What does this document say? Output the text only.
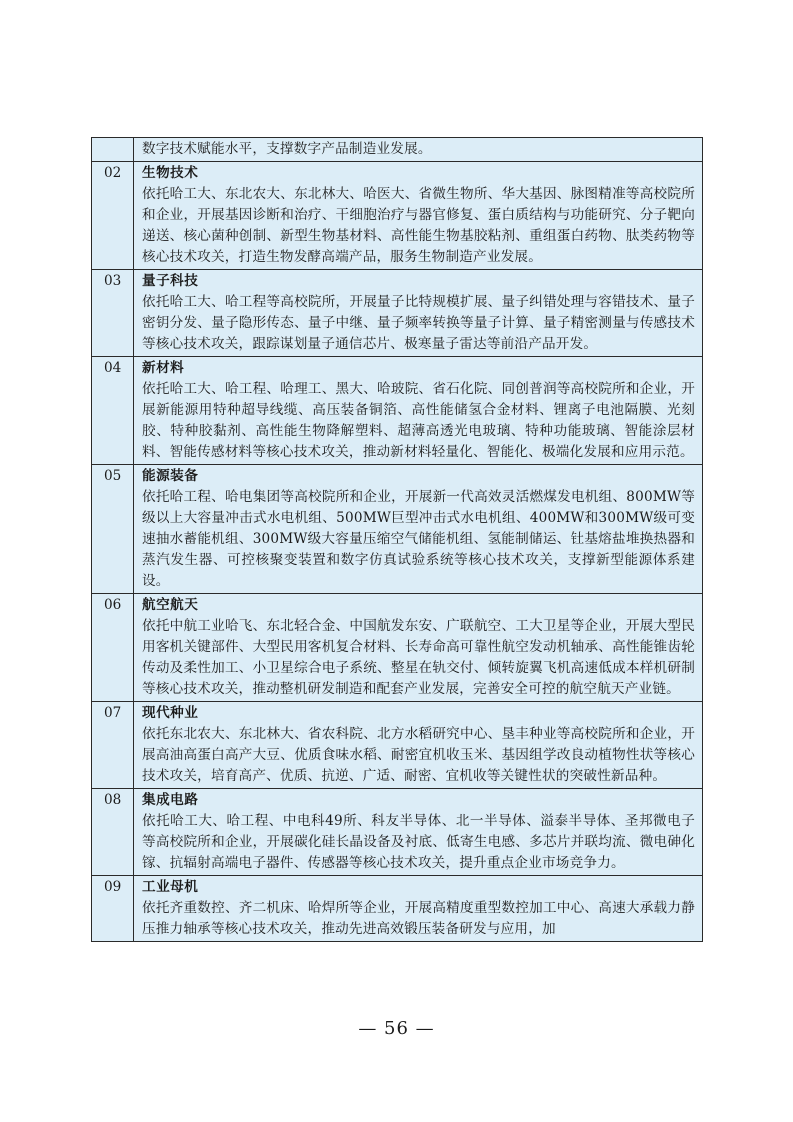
	数字技术赋能水平，支撑数字产品制造业发展。
02	生物技术
依托哈工大、东北农大、东北林大、哈医大、省微生物所、华大基因、脉图精准等高校院所和企业，开展基因诊断和治疗、干细胞治疗与器官修复、蛋白质结构与功能研究、分子靶向递送、核心菌种创制、新型生物基材料、高性能生物基胶粘剂、重组蛋白药物、肽类药物等核心技术攻关，打造生物发酵高端产品，服务生物制造产业发展。

03	量子科技
依托哈工大、哈工程等高校院所，开展量子比特规模扩展、量子纠错处理与容错技术、量子密钥分发、量子隐形传态、量子中继、量子频率转换等量子计算、量子精密测量与传感技术等核心技术攻关，跟踪谋划量子通信芯片、极寒量子雷达等前沿产品开发。

04	新材料
依托哈工大、哈工程、哈理工、黑大、哈玻院、省石化院、同创普润等高校院所和企业，开展新能源用特种超导线缆、高压装备铜箔、高性能储氢合金材料、锂离子电池隔膜、光刻胶、特种胶黏剂、高性能生物降解塑料、超薄高透光电玻璃、特种功能玻璃、智能涂层材料、智能传感材料等核心技术攻关，推动新材料轻量化、智能化、极端化发展和应用示范。

05	能源装备
依托哈工程、哈电集团等高校院所和企业，开展新一代高效灵活燃煤发电机组、800MW等级以上大容量冲击式水电机组、500MW巨型冲击式水电机组、400MW和300MW级可变速抽水蓄能机组、300MW级大容量压缩空气储能机组、氢能制储运、钍基熔盐堆换热器和蒸汽发生器、可控核聚变装置和数字仿真试验系统等核心技术攻关，支撑新型能源体系建设。

06	航空航天
依托中航工业哈飞、东北轻合金、中国航发东安、广联航空、工大卫星等企业，开展大型民用客机关键部件、大型民用客机复合材料、长寿命高可靠性航空发动机轴承、高性能锥齿轮传动及柔性加工、小卫星综合电子系统、整星在轨交付、倾转旋翼飞机高速低成本样机研制等核心技术攻关，推动整机研发制造和配套产业发展，完善安全可控的航空航天产业链。

07	现代种业
依托东北农大、东北林大、省农科院、北方水稻研究中心、垦丰种业等高校院所和企业，开展高油高蛋白高产大豆、优质食味水稻、耐密宜机收玉米、基因组学改良动植物性状等核心技术攻关，培育高产、优质、抗逆、广适、耐密、宜机收等关键性状的突破性新品种。

08	集成电路
依托哈工大、哈工程、中电科49所、科友半导体、北一半导体、溢泰半导体、圣邦微电子等高校院所和企业，开展碳化硅长晶设备及衬底、低寄生电感、多芯片并联均流、微电砷化镓、抗辐射高端电子器件、传感器等核心技术攻关，提升重点企业市场竞争力。

09	工业母机
依托齐重数控、齐二机床、哈焊所等企业，开展高精度重型数控加工中心、高速大承载力静压推力轴承等核心技术攻关，推动先进高效锻压装备研发与应用，加
— 56 —
